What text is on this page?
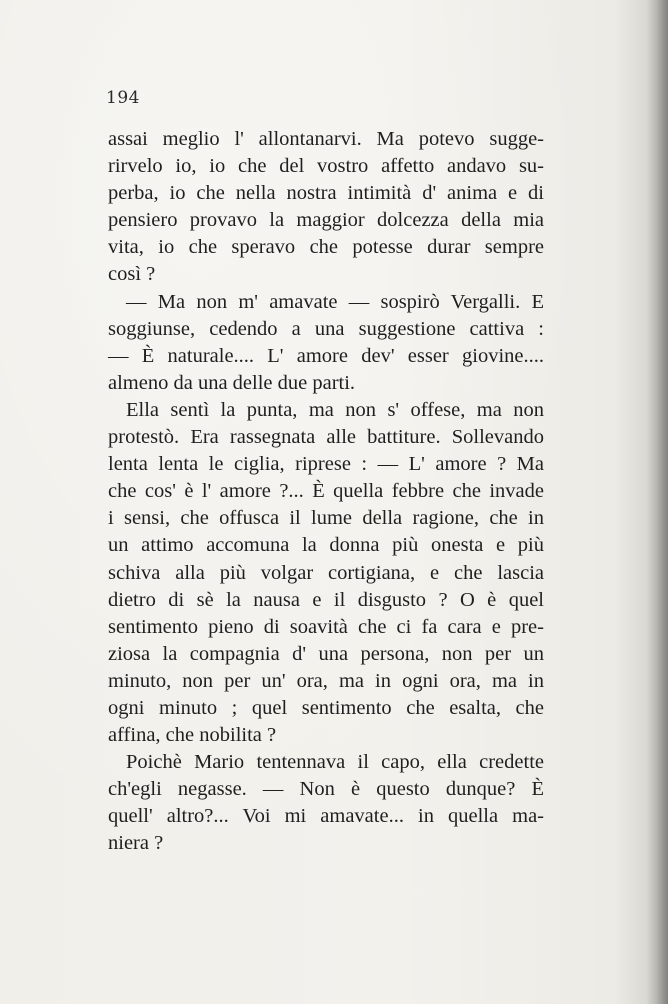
194
assai meglio l' allontanarvi. Ma potevo sugge-
rirvelo io, io che del vostro affetto andavo su-
perba, io che nella nostra intimità d' anima e di
pensiero provavo la maggior dolcezza della mia
vita, io che speravo che potesse durar sempre
così ?
— Ma non m' amavate — sospirò Vergalli. E
soggiunse, cedendo a una suggestione cattiva :
— È naturale.... L' amore dev' esser giovine....
almeno da una delle due parti.
Ella sentì la punta, ma non s' offese, ma non
protestò. Era rassegnata alle battiture. Sollevando
lenta lenta le ciglia, riprese : — L' amore ? Ma
che cos' è l' amore ?... È quella febbre che invade
i sensi, che offusca il lume della ragione, che in
un attimo accomuna la donna più onesta e più
schiva alla più volgar cortigiana, e che lascia
dietro di sè la nausa e il disgusto ? O è quel
sentimento pieno di soavità che ci fa cara e pre-
ziosa la compagnia d' una persona, non per un
minuto, non per un' ora, ma in ogni ora, ma in
ogni minuto ; quel sentimento che esalta, che
affina, che nobilita ?
Poichè Mario tentennava il capo, ella credette
ch'egli negasse. — Non è questo dunque? È
quell' altro?... Voi mi amavate... in quella ma-
niera ?
